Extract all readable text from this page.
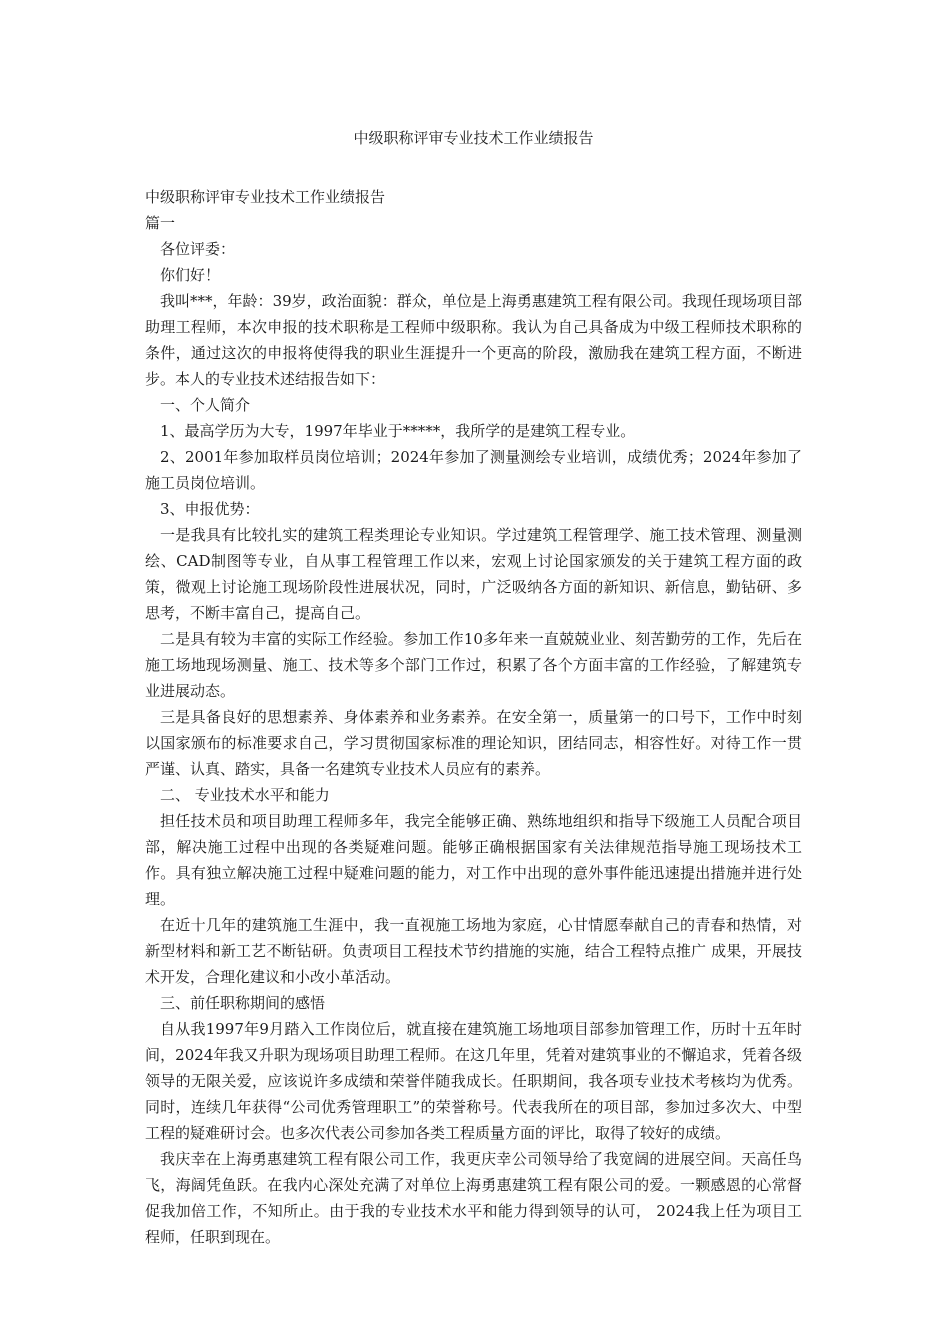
中级职称评审专业技术工作业绩报告

中级职称评审专业技术工作业绩报告

篇一

各位评委：

你们好！

我叫***，年龄：39岁，政治面貌：群众，单位是上海勇惠建筑工程有限公司。我现任现场项目部助理工程师，本次申报的技术职称是工程师中级职称。我认为自己具备成为中级工程师技术职称的条件，通过这次的申报将使得我的职业生涯提升一个更高的阶段，激励我在建筑工程方面，不断进步。本人的专业技术述结报告如下：

一、个人简介

1、最高学历为大专，1997年毕业于*****，我所学的是建筑工程专业。

2、2001年参加取样员岗位培训；2024年参加了测量测绘专业培训，成绩优秀；2024年参加了施工员岗位培训。

3、申报优势：

一是我具有比较扎实的建筑工程类理论专业知识。学过建筑工程管理学、施工技术管理、测量测绘、CAD制图等专业，自从事工程管理工作以来，宏观上讨论国家颁发的关于建筑工程方面的政策，微观上讨论施工现场阶段性进展状况，同时，广泛吸纳各方面的新知识、新信息，勤钻研、多思考，不断丰富自己，提高自己。

二是具有较为丰富的实际工作经验。参加工作10多年来一直兢兢业业、刻苦勤劳的工作，先后在施工场地现场测量、施工、技术等多个部门工作过，积累了各个方面丰富的工作经验，了解建筑专业进展动态。

三是具备良好的思想素养、身体素养和业务素养。在安全第一，质量第一的口号下，工作中时刻以国家颁布的标准要求自己，学习贯彻国家标准的理论知识，团结同志，相容性好。对待工作一贯严谨、认真、踏实，具备一名建筑专业技术人员应有的素养。

二、 专业技术水平和能力

担任技术员和项目助理工程师多年，我完全能够正确、熟练地组织和指导下级施工人员配合项目部，解决施工过程中出现的各类疑难问题。能够正确根据国家有关法律规范指导施工现场技术工作。具有独立解决施工过程中疑难问题的能力，对工作中出现的意外事件能迅速提出措施并进行处理。

在近十几年的建筑施工生涯中，我一直视施工场地为家庭，心甘情愿奉献自己的青春和热情，对新型材料和新工艺不断钻研。负责项目工程技术节约措施的实施，结合工程特点推广 成果，开展技术开发，合理化建议和小改小革活动。

三、前任职称期间的感悟

自从我1997年9月踏入工作岗位后，就直接在建筑施工场地项目部参加管理工作，历时十五年时间，2024年我又升职为现场项目助理工程师。在这几年里，凭着对建筑事业的不懈追求，凭着各级领导的无限关爱，应该说许多成绩和荣誉伴随我成长。任职期间，我各项专业技术考核均为优秀。同时，连续几年获得“公司优秀管理职工”的荣誉称号。代表我所在的项目部，参加过多次大、中型工程的疑难研讨会。也多次代表公司参加各类工程质量方面的评比，取得了较好的成绩。

我庆幸在上海勇惠建筑工程有限公司工作，我更庆幸公司领导给了我宽阔的进展空间。天高任鸟飞，海阔凭鱼跃。在我内心深处充满了对单位上海勇惠建筑工程有限公司的爱。一颗感恩的心常督促我加倍工作，不知所止。由于我的专业技术水平和能力得到领导的认可， 2024我上任为项目工程师，任职到现在。
